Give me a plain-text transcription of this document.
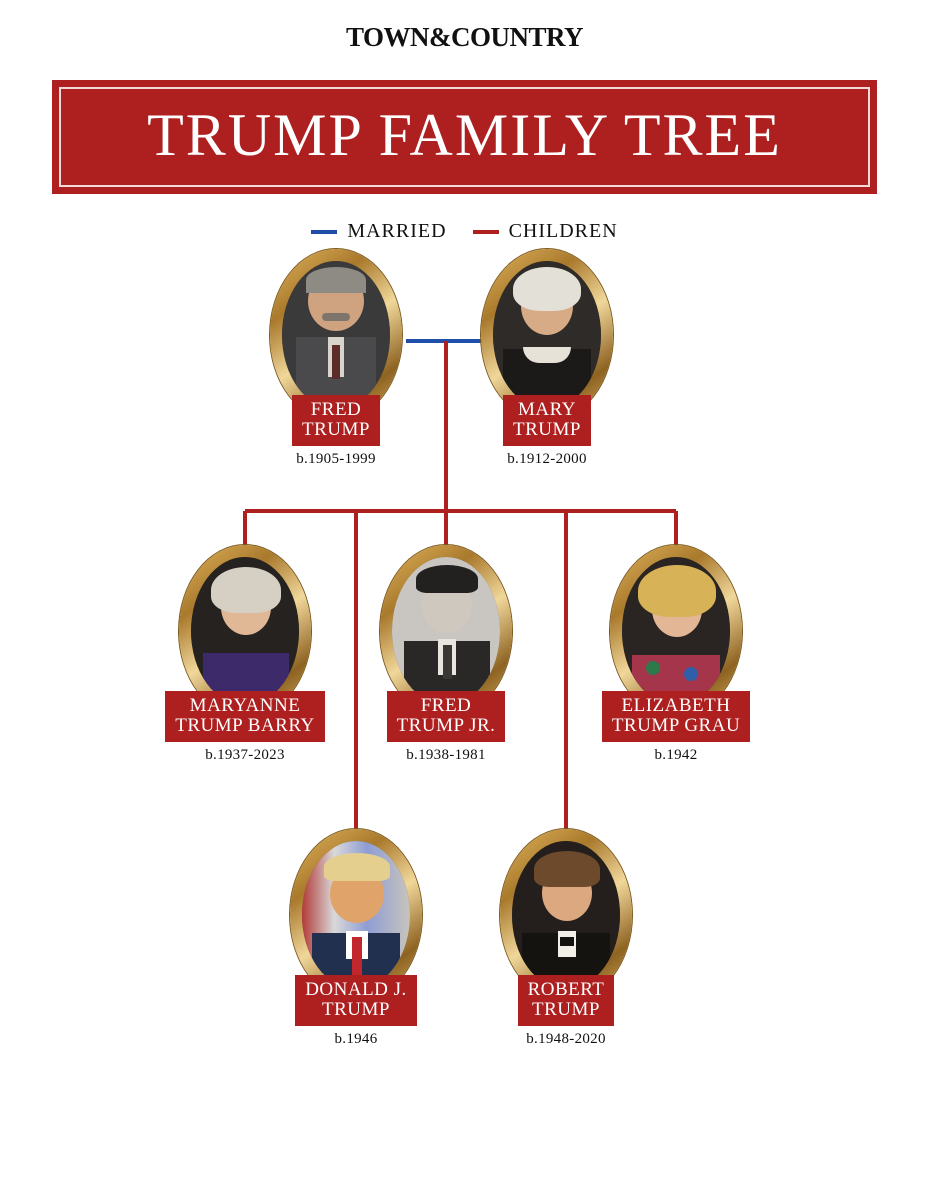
TOWN&COUNTRY
TRUMP FAMILY TREE
MARRIED	CHILDREN
FRED
TRUMP
b.1905-1999
MARY
TRUMP
b.1912-2000
MARYANNE
TRUMP BARRY
b.1937-2023
FRED
TRUMP JR.
b.1938-1981
ELIZABETH
TRUMP GRAU
b.1942
DONALD J.
TRUMP
b.1946
ROBERT
TRUMP
b.1948-2020
